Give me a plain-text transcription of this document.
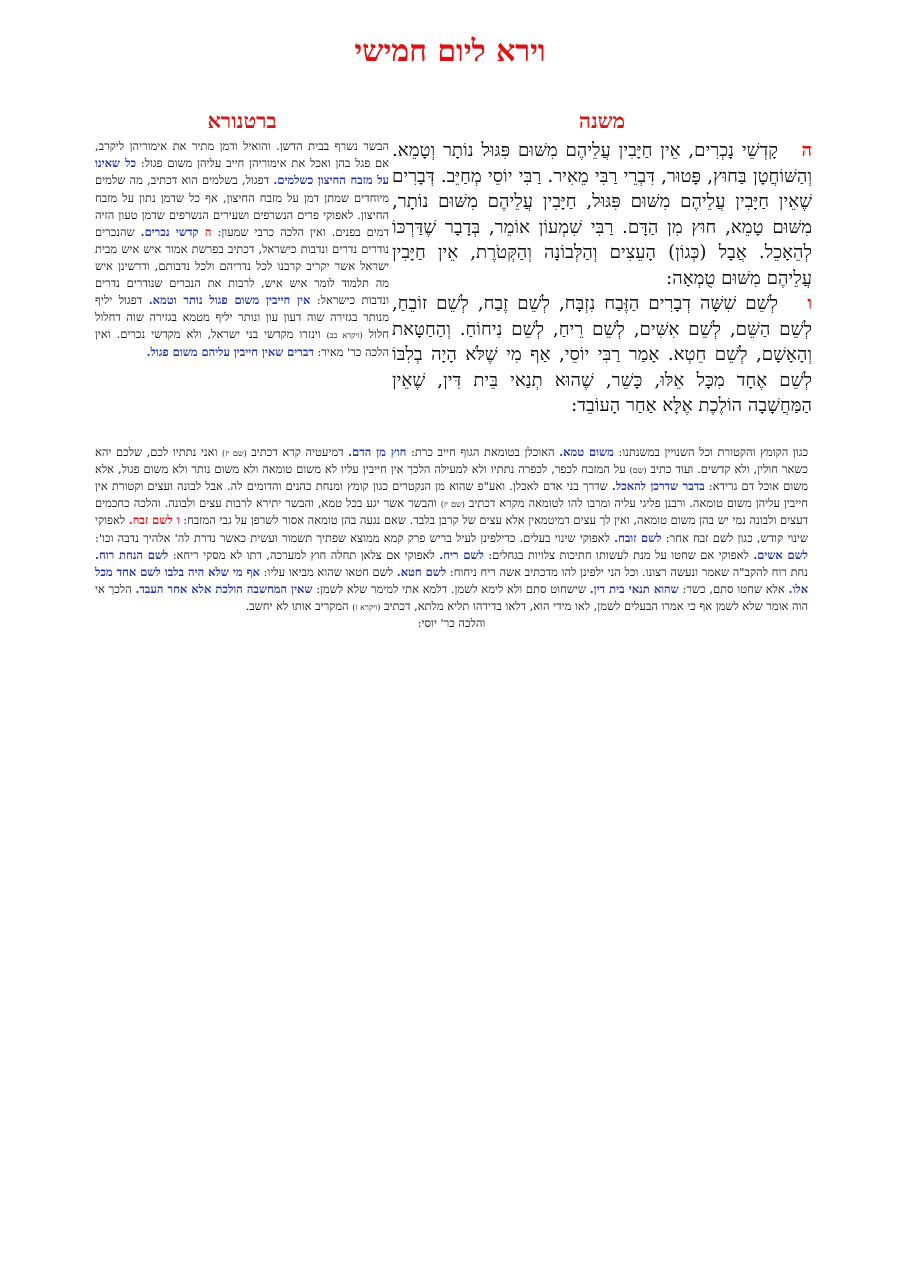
וירא ליום חמישי
משנה

הקָדְשֵׁי נָכְרִים, אֵין חַיָּבִין עֲלֵיהֶם מִשּׁוּם פִּגּוּל נוֹתָר וְטָמֵא. וְהַשּׁוֹחֲטָן בַּחוּץ, פָּטוּר, דִּבְרֵי רַבִּי מֵאִיר. רַבִּי יוֹסֵי מְחַיֵּב. דְּבָרִים שֶׁאֵין חַיָּבִין עֲלֵיהֶם מִשּׁוּם פִּגּוּל, חַיָּבִין עֲלֵיהֶם מִשּׁוּם נוֹתָר, מִשּׁוּם טָמֵא, חוּץ מִן הַדָּם. רַבִּי שִׁמְעוֹן אוֹמֵר, בְּדָבָר שֶׁדַּרְכּוֹ לְהֵאָכֵל. אֲבָל (כְּגוֹן) הָעֵצִים וְהַלְּבוֹנָה וְהַקְּטֹרֶת, אֵין חַיָּבִין עֲלֵיהֶם מִשּׁוּם טֻמְאָה:

ולְשֵׁם שִׁשָּׁה דְבָרִים הַזֶּבַח נִזְבָּח, לְשֵׁם זֶבַח, לְשֵׁם זוֹבֵחַ, לְשֵׁם הַשֵּׁם, לְשֵׁם אִשִּׁים, לְשֵׁם רֵיחַ, לְשֵׁם נִיחוֹחַ. וְהַחַטָּאת וְהָאָשָׁם, לְשֵׁם חֵטְא. אָמַר רַבִּי יוֹסֵי, אַף מִי שֶׁלֹּא הָיָה בְלִבּוֹ לְשֵׁם אֶחָד מִכָּל אֵלּוּ, כָּשֵׁר, שֶׁהוּא תְנַאי בֵּית דִּין, שֶׁאֵין הַמַּחֲשָׁבָה הוֹלֶכֶת אֶלָּא אַחַר הָעוֹבֵד:

ברטנורא

הבשר נשרף בבית הדשן. והואיל ודמן מתיר את אימוריהן ליקרב, אם פגל בהן ואכל את אימוריהן חייב עליהן משום פגול: כל שאינו על מזבח החיצון כשלמים. דפגול, בשלמים הוא דכתיב, מה שלמים מיוחדים שמתן דמן על מזבח החיצון, אף כל שדמן נתון על מזבח החיצון. לאפוקי פרים הנשרפים ושעירים הנשרפים שדמן טעון הזיה דמים בפנים. ואין הלכה כרבי שמעון: ה קדשי נכרים. שהנכרים נודרים נדרים ונדבות כישראל, דכתיב בפרשת אמור איש איש מבית ישראל אשר יקריב קרבנו לכל נדריהם ולכל נדבותם, ודרשינן איש מה תלמוד לומר איש איש, לרבות את הנכרים שנודרים נדרים ונדבות כישראל: אין חייבין משום פגול נותר וטמא. דפגול יליף מנותר בגזירה שוה דעון עון ונותר יליף מטמא בגזירה שוה דחלול חלול (ויקרא כב) וינזרו מקדשי בני ישראל, ולא מקדשי נכרים. ואין הלכה כר' מאיר: דברים שאין חייבין עליהם משום פגול.

כגון הקומץ והקטורת וכל השנויין במשנתנו: משום טמא. האוכלן בטומאת הגוף חייב כרת: חוץ מן הדם. דמיעטיה קרא דכתיב (שם יז) ואני נתתיו לכם, שלכם יהא כשאר חולין, ולא קדשים. ועוד כתיב (שם) על המזבח לכפר, לכפרה נתתיו ולא למעילה הלכך אין חייבין עליו לא משום טומאה ולא משום נותר ולא משום פגול, אלא משום אוכל דם גרידא: בדבר שדרכן להאכל. שדרך בני אדם לאכלן. ואע"פ שהוא מן הנקטרים כגון קומץ ומנחת כהנים והדומים לה. אבל לבונה ועצים וקטורת אין חייבין עליהן משום טומאה. ורבנן פליגי עליה ומרבו להו לטומאה מקרא דכתיב (שם יז) והבשר אשר יגע בכל טמא, והבשר יתירא לרבות עצים ולבונה. והלכה כחכמים דעצים ולבונה נמי יש בהן משום טומאה, ואין לך עצים דמיטמאין אלא עצים של קרבן בלבד. שאם נגעה בהן טומאה אסור לשרפן על גבי המזבח: ו לשם זבח. לאפוקי שינוי קודש, כגון לשם זבח אחר: לשם זובח. לאפוקי שינוי בעלים. כדילפינן לעיל בריש פרק קמא ממוצא שפתיך תשמור ועשית כאשר נדרת לה' אלהיך נדבה וכו': לשם אשים. לאפוקי אם שחטו על מנת לעשותו חתיכות צלויות בגחלים: לשם ריח. לאפוקי אם צלאן תחלה חוץ למערכה, דתו לא מסקי ריחא: לשם הנחת רוח. נחת רוח להקב"ה שאמר ונעשה רצונו. וכל הני ילפינן להו מדכתיב אשה ריח ניחוח: לשם חטא. לשם חטאו שהוא מביאו עליו: אף מי שלא היה בלבו לשם אחד מכל אלו. אלא שחטו סתם, כשר: שהוא תנאי בית דין. שישחוט סתם ולא לימא לשמן. דלמא אתי למימר שלא לשמן: שאין המחשבה הולכת אלא אחר העבד. הלכך אי הוה אומר שלא לשמן אף כי אמרו הבעלים לשמן, לאו מידי הוא, דלאו בדידהו תליא מלתא, דכתיב (ויקרא ז) המקריב אותו לא יחשב.

והלכה כר' יוסי:
